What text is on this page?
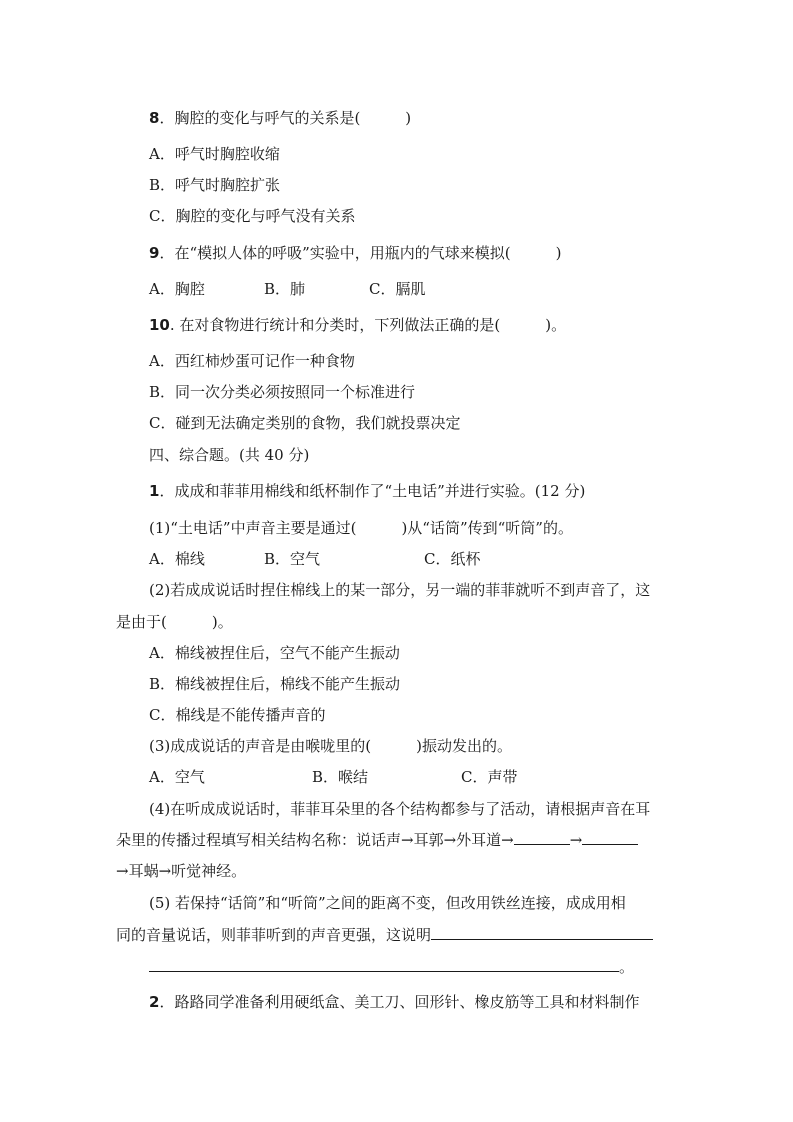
8．胸腔的变化与呼气的关系是(　　　)
A．呼气时胸腔收缩
B．呼气时胸腔扩张
C．胸腔的变化与呼气没有关系
9．在“模拟人体的呼吸”实验中，用瓶内的气球来模拟(　　　)
A．胸腔	B．肺	C．膈肌
10. 在对食物进行统计和分类时，下列做法正确的是(　　　)。
A．西红柿炒蛋可记作一种食物
B．同一次分类必须按照同一个标准进行
C．碰到无法确定类别的食物，我们就投票决定
四、综合题。(共 40 分)
1．成成和菲菲用棉线和纸杯制作了“土电话”并进行实验。(12 分)
(1)“土电话”中声音主要是通过(　　　)从“话筒”传到“听筒”的。
A．棉线	B．空气	C．纸杯
(2)若成成说话时捏住棉线上的某一部分，另一端的菲菲就听不到声音了，这
是由于(　　　)。
A．棉线被捏住后，空气不能产生振动
B．棉线被捏住后，棉线不能产生振动
C．棉线是不能传播声音的
(3)成成说话的声音是由喉咙里的(　　　)振动发出的。
A．空气	B．喉结	C．声带
(4)在听成成说话时，菲菲耳朵里的各个结构都参与了活动，请根据声音在耳
朵里的传播过程填写相关结构名称：说话声→耳郭→外耳道→	→
→耳蜗→听觉神经。
(5) 若保持“话筒”和“听筒”之间的距离不变，但改用铁丝连接，成成用相
同的音量说话，则菲菲听到的声音更强，这说明
。
2．路路同学准备利用硬纸盒、美工刀、回形针、橡皮筋等工具和材料制作
